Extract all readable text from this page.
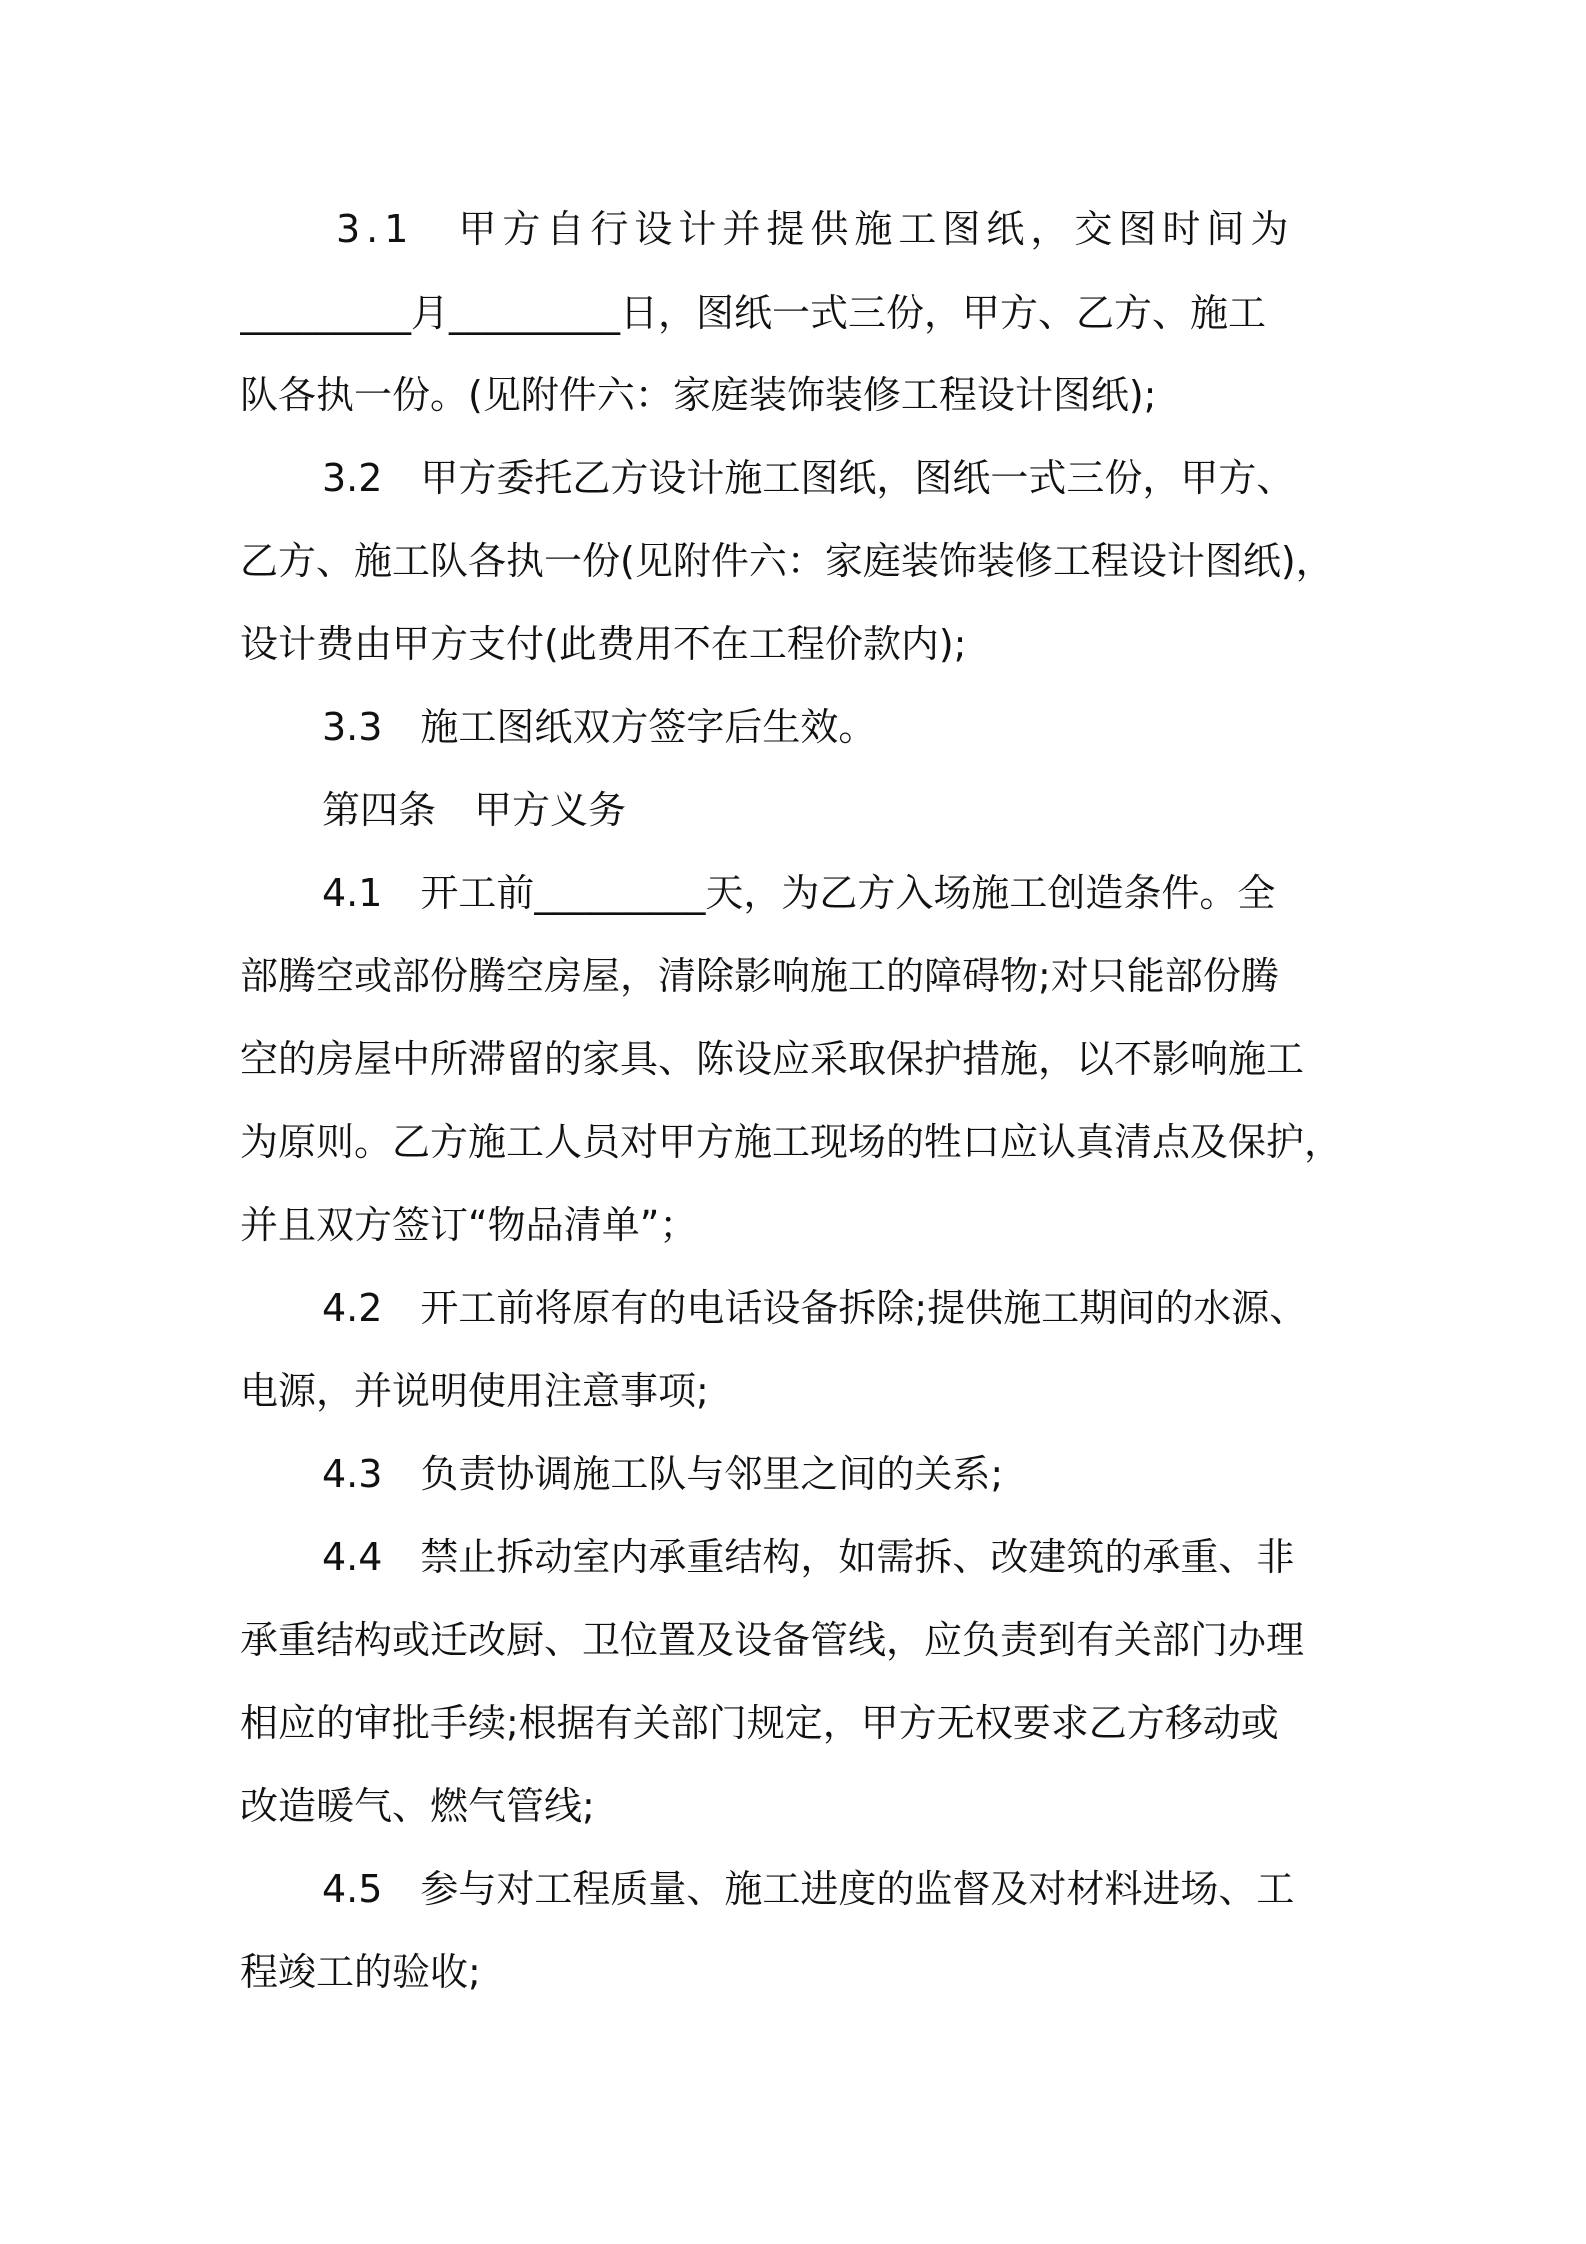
3.1　甲方自行设计并提供施工图纸，交图时间为
_________月_________日，图纸一式三份，甲方、乙方、施工
队各执一份。(见附件六：家庭装饰装修工程设计图纸);
3.2　甲方委托乙方设计施工图纸，图纸一式三份，甲方、
乙方、施工队各执一份(见附件六：家庭装饰装修工程设计图纸)，
设计费由甲方支付(此费用不在工程价款内);
3.3　施工图纸双方签字后生效。
第四条　甲方义务
4.1　开工前_________天，为乙方入场施工创造条件。全
部腾空或部份腾空房屋，清除影响施工的障碍物;对只能部份腾
空的房屋中所滞留的家具、陈设应采取保护措施，以不影响施工
为原则。乙方施工人员对甲方施工现场的牲口应认真清点及保护，
并且双方签订“物品清单”；
4.2　开工前将原有的电话设备拆除;提供施工期间的水源、
电源，并说明使用注意事项;
4.3　负责协调施工队与邻里之间的关系;
4.4　禁止拆动室内承重结构，如需拆、改建筑的承重、非
承重结构或迁改厨、卫位置及设备管线，应负责到有关部门办理
相应的审批手续;根据有关部门规定，甲方无权要求乙方移动或
改造暖气、燃气管线;
4.5　参与对工程质量、施工进度的监督及对材料进场、工
程竣工的验收;
